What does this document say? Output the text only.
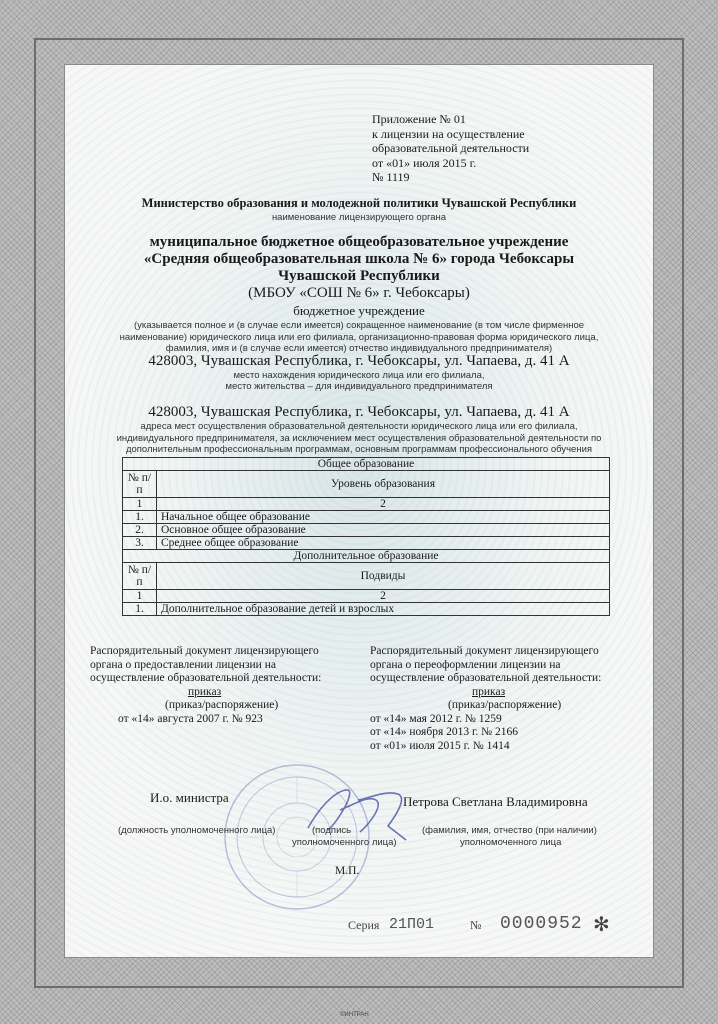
©ИНТРАН
Приложение № 01
к лицензии на осуществление
образовательной деятельности
от «01» июля 2015 г.
№ 1119
Министерство образования и молодежной политики Чувашской Республики
наименование лицензирующего органа
муниципальное бюджетное общеобразовательное учреждение
«Средняя общеобразовательная школа № 6» города Чебоксары
Чувашской Республики
(МБОУ «СОШ № 6» г. Чебоксары)
бюджетное учреждение
(указывается полное и (в случае если имеется) сокращенное наименование (в том числе фирменное наименование) юридического лица или его филиала, организационно-правовая форма юридического лица, фамилия, имя и (в случае если имеется) отчество индивидуального предпринимателя)
428003, Чувашская Республика, г. Чебоксары, ул. Чапаева, д. 41 А
место нахождения юридического лица или его филиала,
место жительства – для индивидуального предпринимателя
428003, Чувашская Республика, г. Чебоксары, ул. Чапаева, д. 41 А
адреса мест осуществления образовательной деятельности юридического лица или его филиала, индивидуального предпринимателя, за исключением мест осуществления образовательной деятельности по дополнительным профессиональным программам, основным программам профессионального обучения
Общее образование	
№ п/п	Уровень образования
1	2
1.	Начальное общее образование
2.	Основное общее образование
3.	Среднее общее образование
Дополнительное образование	
№ п/п	Подвиды
1	2
1.	Дополнительное образование детей и взрослых
Распорядительный документ лицензирующего
органа о предоставлении лицензии на
осуществление образовательной деятельности:
приказ
(приказ/распоряжение)
от «14» августа 2007 г. № 923
Распорядительный документ лицензирующего
органа о переоформлении лицензии на
осуществление образовательной деятельности:
приказ
(приказ/распоряжение)
от «14» мая 2012 г. № 1259
от «14» ноября 2013 г. № 2166
от «01» июля 2015 г. № 1414
И.о. министра	Петрова Светлана Владимировна
(должность уполномоченного лица)	(подпись
уполномоченного лица)
(фамилия, имя, отчество (при наличии)
уполномоченного лица
М.П.
Серия 21П01	№ 0000952 ✻
